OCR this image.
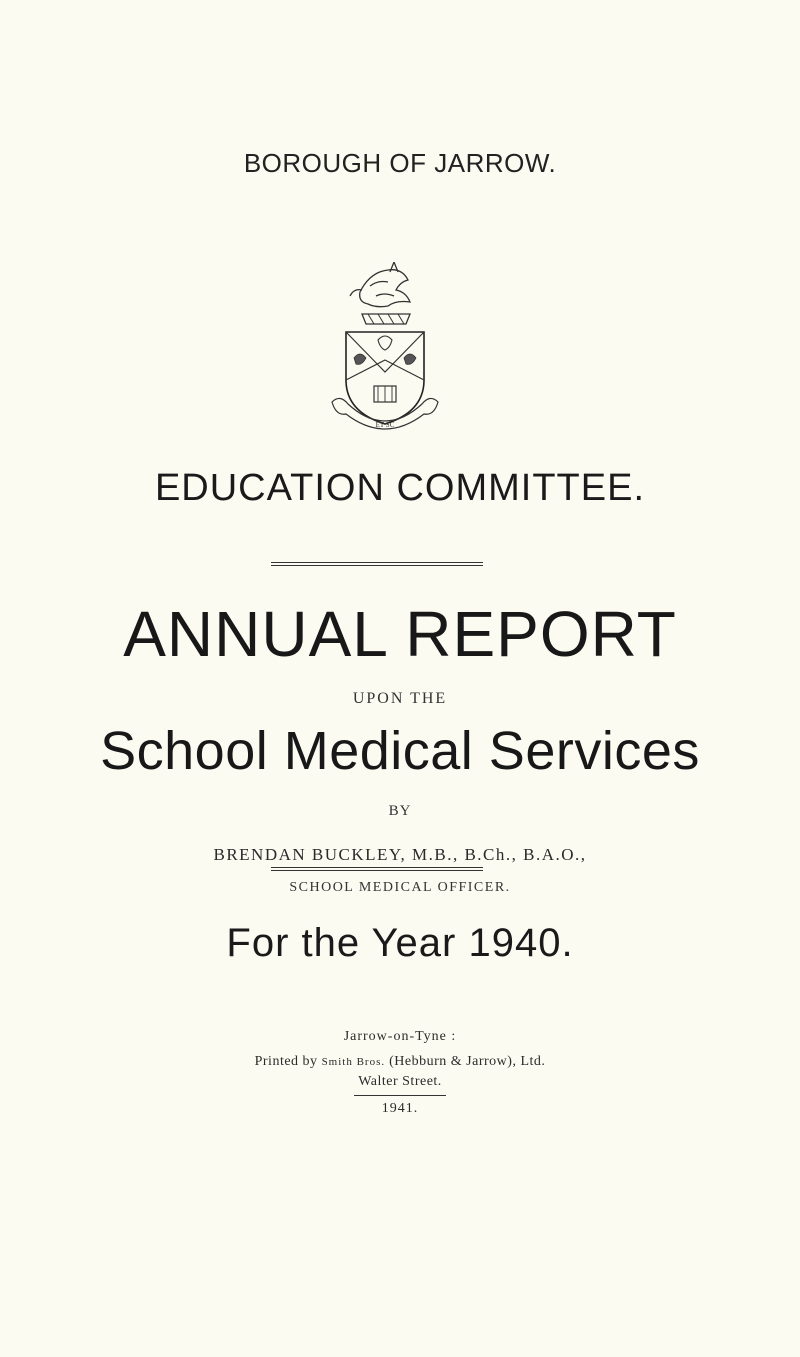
BOROUGH OF JARROW.
ET SC
EDUCATION COMMITTEE.
ANNUAL REPORT
UPON THE
School Medical Services
BY
BRENDAN BUCKLEY, M.B., B.Ch., B.A.O.,
SCHOOL MEDICAL OFFICER.
For the Year 1940.
Jarrow-on-Tyne :
Printed by Smith Bros. (Hebburn & Jarrow), Ltd.
Walter Street.
1941.
